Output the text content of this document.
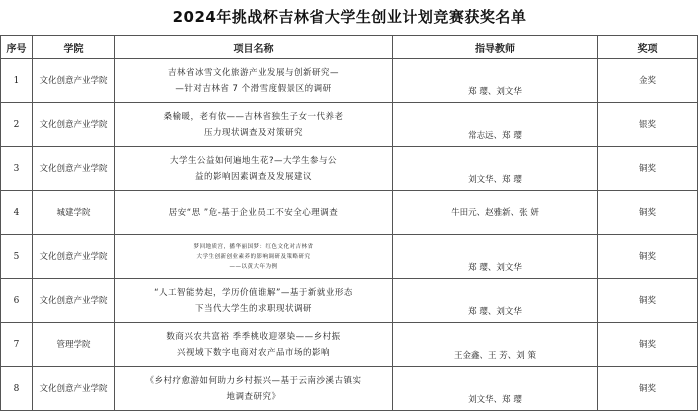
2024年挑战杯吉林省大学生创业计划竞赛获奖名单
序号	学院	项目名称	指导教师	奖项
1	文化创意产业学院	吉林省冰雪文化旅游产业发展与创新研究—
—针对吉林省 7 个滑雪度假景区的调研	郑 璎、刘文华	金奖
2	文化创意产业学院	桑榆暖，老有依——吉林省独生子女一代养老
压力现状调查及对策研究	常志远、郑 璎	银奖
3	文化创意产业学院	大学生公益如何遍地生花?—大学生参与公
益的影响因素调查及发展建议	刘文华、郑 璎	铜奖
4	城建学院	居安“思 ”危-基于企业员工不安全心理调查	牛田元、赵雅新、张 妍	铜奖
5	文化创意产业学院	梦回地质宫，播华丽国梦：红色文化对吉林省
大学生创新创业素养的影响调研及策略研究
——以黄大年为例	郑 璎、刘文华	铜奖
6	文化创意产业学院	“人工智能势起，学历价值谁解”—基于新就业形态
下当代大学生的求职现状调研	郑 璎、刘文华	铜奖
7	管理学院	数商兴农共富裕 季季桃收迎翠染——乡村振
兴视域下数字电商对农产品市场的影响	王金鑫、王 芳、刘 策	铜奖
8	文化创意产业学院	《乡村疗愈游如何助力乡村振兴—基于云南沙溪古镇实
地调查研究》	刘文华、郑 璎	铜奖
